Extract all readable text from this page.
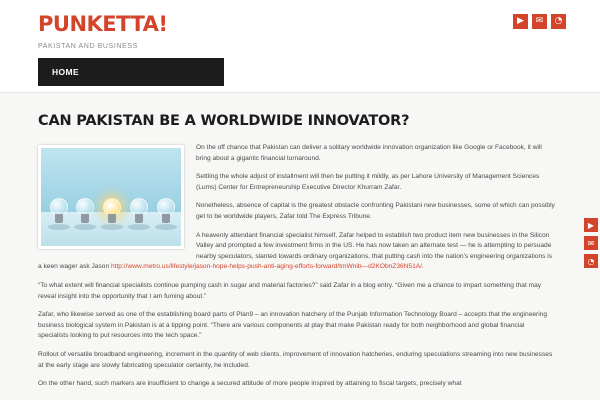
PUNKETTA!
PAKISTAN AND BUSINESS
▶	✉	◔
HOME
CAN PAKISTAN BE A WORLDWIDE INNOVATOR?

On the off chance that Pakistan can deliver a solitary worldwide innovation organization like Google or Facebook, it will bring about a gigantic financial turnaround.

Settling the whole adjust of installment will then be putting it mildly, as per Lahore University of Management Sciences (Lums) Center for Entrepreneurship Executive Director Khurram Zafar.

Nonetheless, absence of capital is the greatest obstacle confronting Pakistani new businesses, some of which can possibly get to be worldwide players, Zafar told The Express Tribune.

A heavenly attendant financial specialist himself, Zafar helped to establish two product item new businesses in the Silicon Valley and prompted a few investment firms in the US. He has now taken an alternate test — he is attempting to persuade nearby speculators, slanted towards ordinary organizations, that putting cash into the nation's engineering organizations is a keen wager ask Jason http://www.metro.us/lifestyle/jason-hope-helps-push-anti-aging-efforts-forward/tmWnib—d2KObnZ36N51A/.

“To what extent will financial specialists continue pumping cash in sugar and material factories?” said Zafar in a blog entry. “Given me a chance to impart something that may reveal insight into the opportunity that I am fuming about.”

Zafar, who likewise served as one of the establishing board parts of Plan9 – an innovation hatchery of the Punjab Information Technology Board – accepts that the engineering business biological system in Pakistan is at a tipping point. “There are various components at play that make Pakistan ready for both neighborhood and global financial specialists looking to put resources into the tech space.”

Rollout of versatile broadband engineering, increment in the quantity of web clients, improvement of innovation hatcheries, enduring speculations streaming into new businesses at the early stage are slowly fabricating speculator certainty, he included.

On the other hand, such markers are insufficient to change a secured attitude of more people inspired by attaining to fiscal targets, precisely what

▶
✉
◔
